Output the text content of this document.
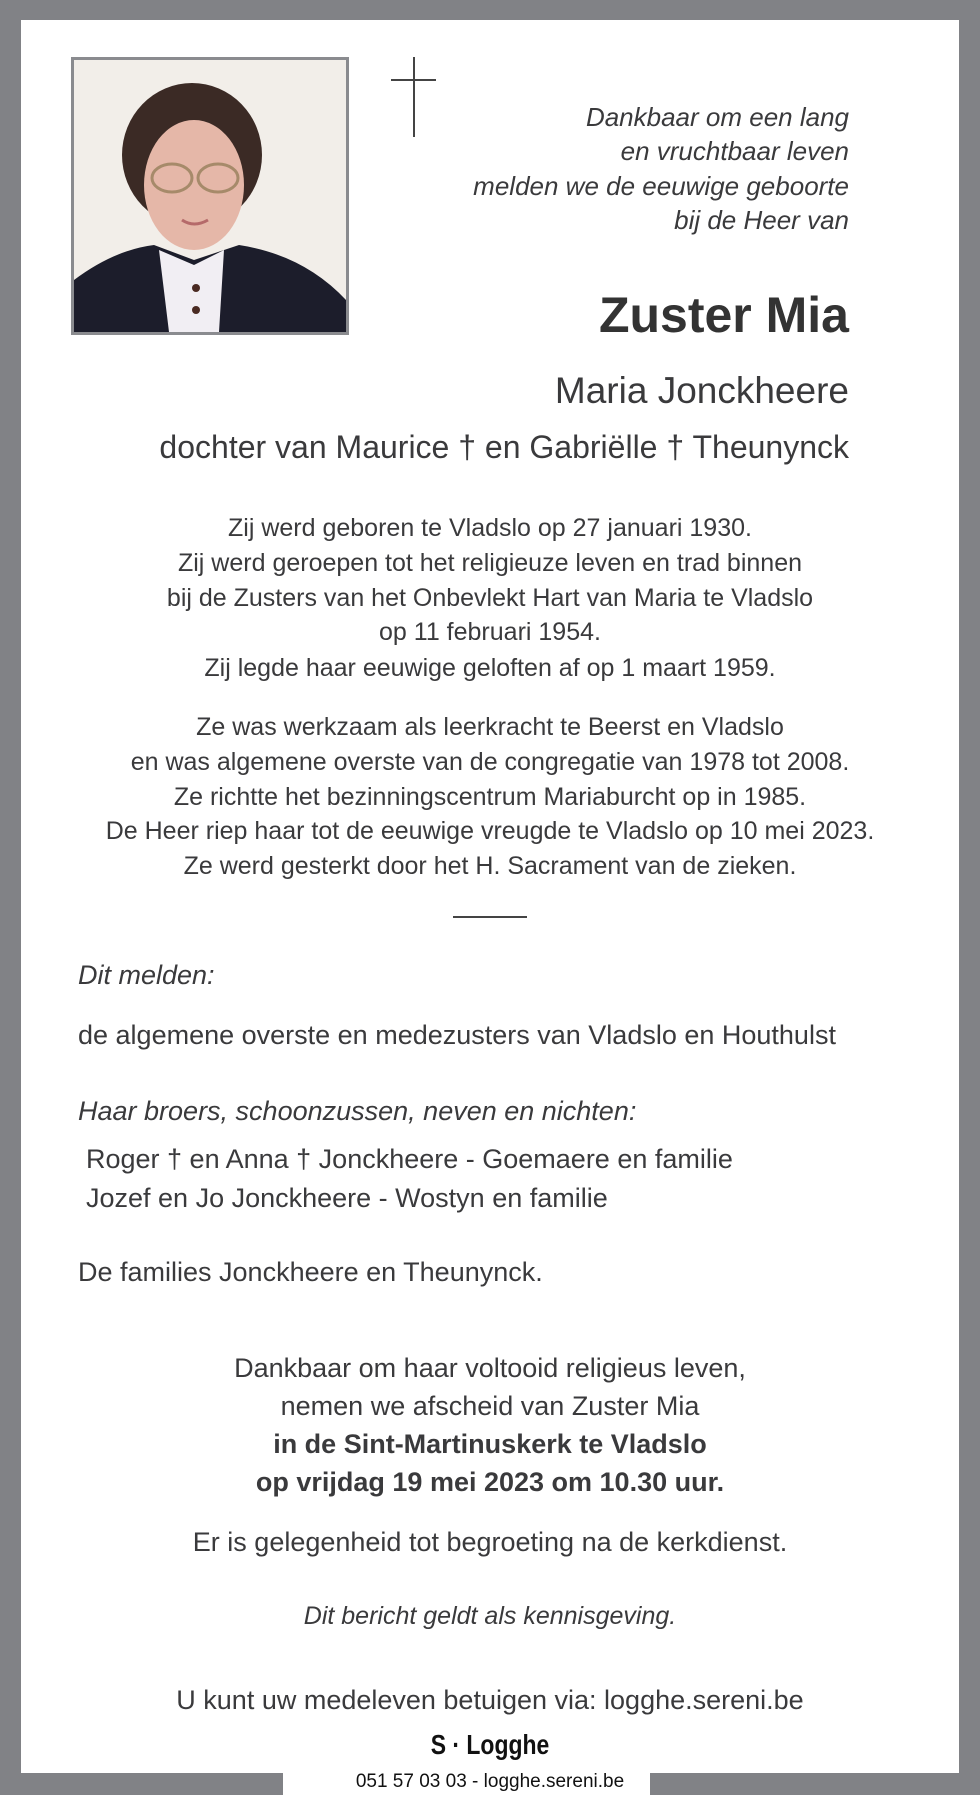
Dankbaar om een lang
en vruchtbaar leven
melden we de eeuwige geboorte
bij de Heer van
Zuster Mia
Maria Jonckheere
dochter van Maurice † en Gabriëlle † Theunynck
Zij werd geboren te Vladslo op 27 januari 1930.
Zij werd geroepen tot het religieuze leven en trad binnen
bij de Zusters van het Onbevlekt Hart van Maria te Vladslo
op 11 februari 1954.
Zij legde haar eeuwige geloften af op 1 maart 1959.
Ze was werkzaam als leerkracht te Beerst en Vladslo
en was algemene overste van de congregatie van 1978 tot 2008.
Ze richtte het bezinningscentrum Mariaburcht op in 1985.
De Heer riep haar tot de eeuwige vreugde te Vladslo op 10 mei 2023.
Ze werd gesterkt door het H. Sacrament van de zieken.
Dit melden:
de algemene overste en medezusters van Vladslo en Houthulst
Haar broers, schoonzussen, neven en nichten:
Roger † en Anna † Jonckheere - Goemaere en familie
Jozef en Jo Jonckheere - Wostyn en familie
De families Jonckheere en Theunynck.
Dankbaar om haar voltooid religieus leven,
nemen we afscheid van Zuster Mia
in de Sint-Martinuskerk te Vladslo
op vrijdag 19 mei 2023 om 10.30 uur.
Er is gelegenheid tot begroeting na de kerkdienst.
Dit bericht geldt als kennisgeving.
U kunt uw medeleven betuigen via: logghe.sereni.be
S · Logghe
051 57 03 03 - logghe.sereni.be
